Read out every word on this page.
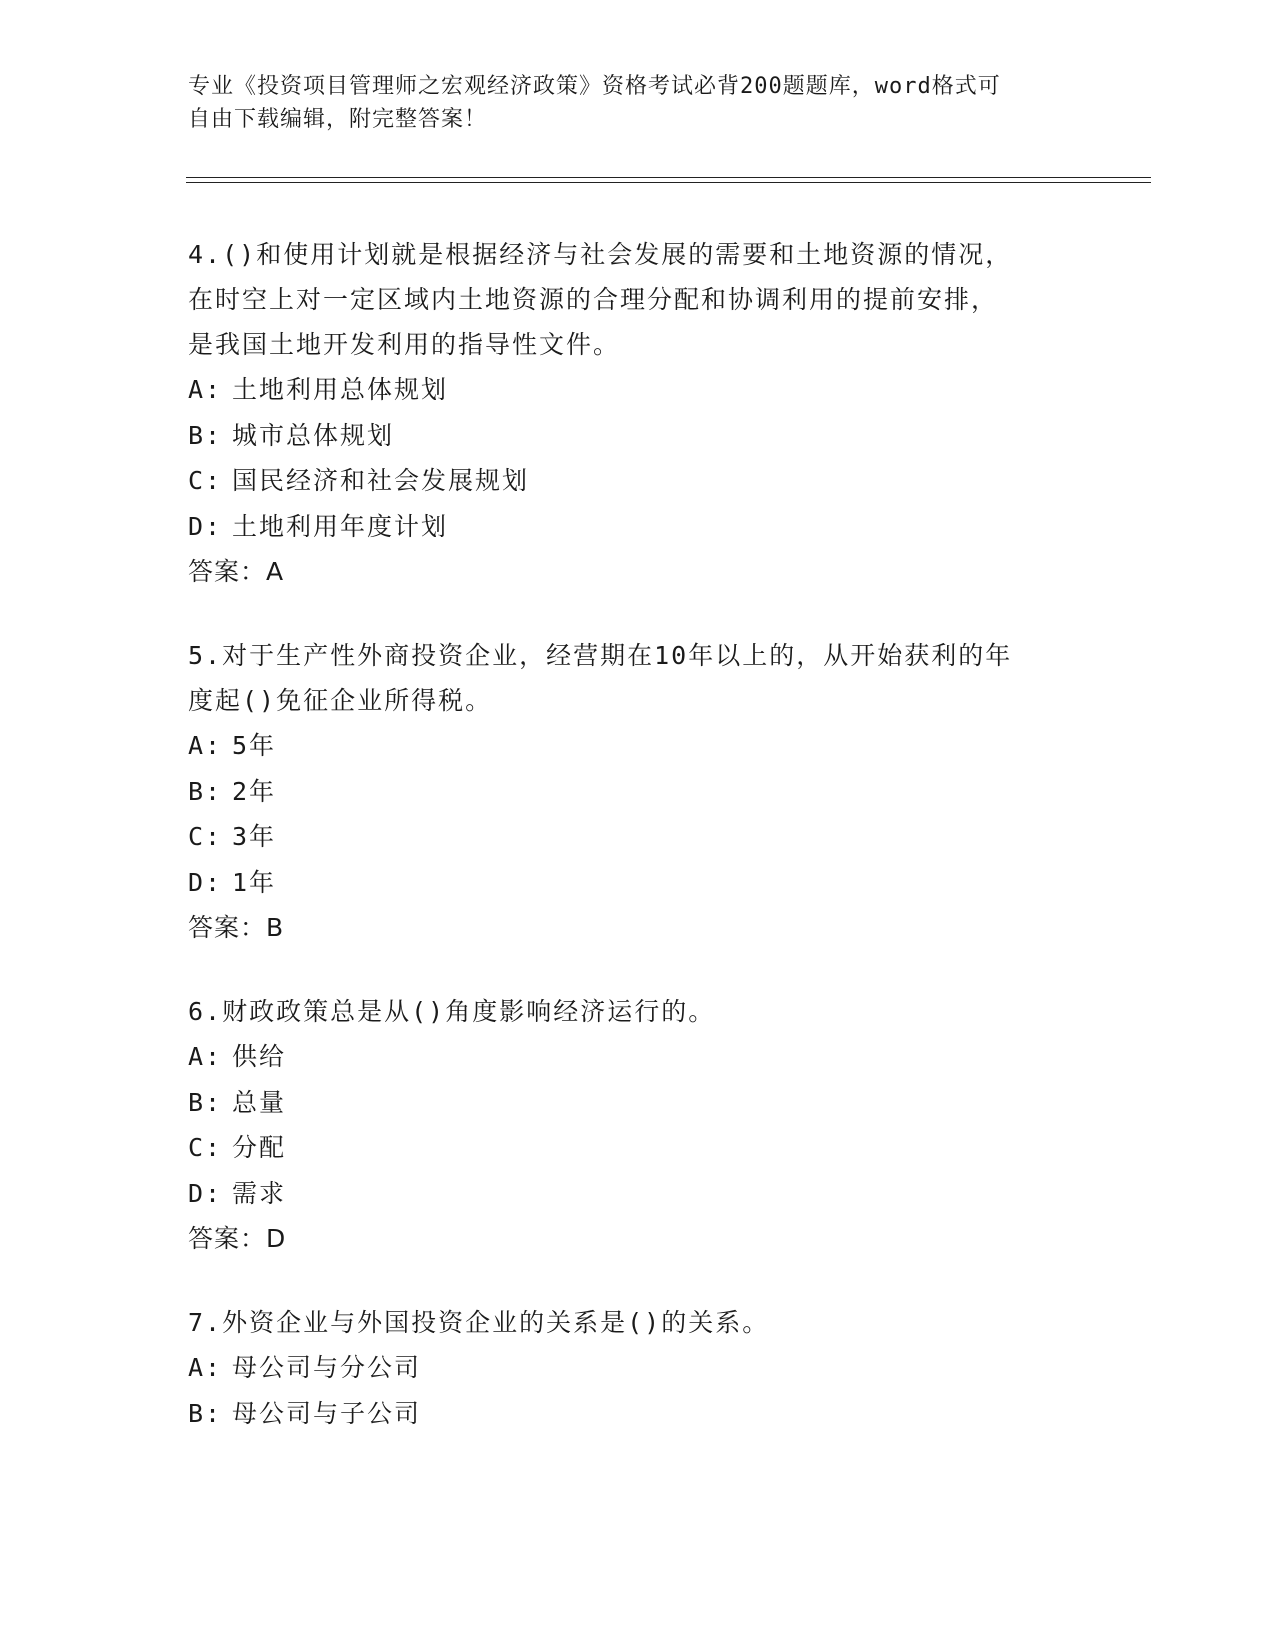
专业《投资项目管理师之宏观经济政策》资格考试必背200题题库，word格式可
自由下载编辑，附完整答案！

4.()和使用计划就是根据经济与社会发展的需要和土地资源的情况，

在时空上对一定区域内土地资源的合理分配和协调利用的提前安排，

是我国土地开发利用的指导性文件。

A: 土地利用总体规划

B: 城市总体规划

C: 国民经济和社会发展规划

D: 土地利用年度计划

答案：A

5.对于生产性外商投资企业，经营期在10年以上的，从开始获利的年

度起()免征企业所得税。

A: 5年

B: 2年

C: 3年

D: 1年

答案：B

6.财政政策总是从()角度影响经济运行的。

A: 供给

B: 总量

C: 分配

D: 需求

答案：D

7.外资企业与外国投资企业的关系是()的关系。

A: 母公司与分公司

B: 母公司与子公司
